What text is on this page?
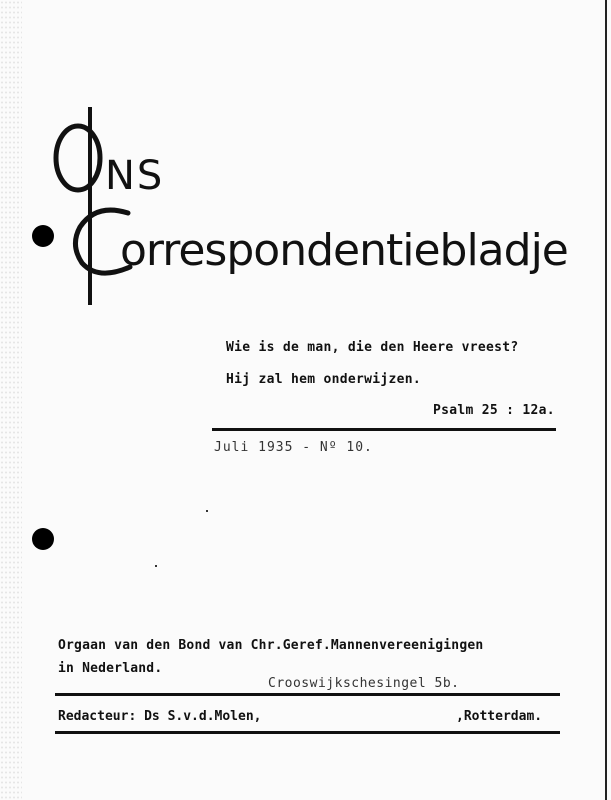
NS
orrespondentiebladje
Wie is de man, die den Heere vreest?
Hij zal hem onderwijzen.
Psalm 25 : 12a.
Juli 1935 - Nº 10.
Orgaan van den Bond van Chr.Geref.Mannenvereenigingen
in Nederland.
Crooswijkschesingel 5b.
Redacteur: Ds S.v.d.Molen,	,Rotterdam.
